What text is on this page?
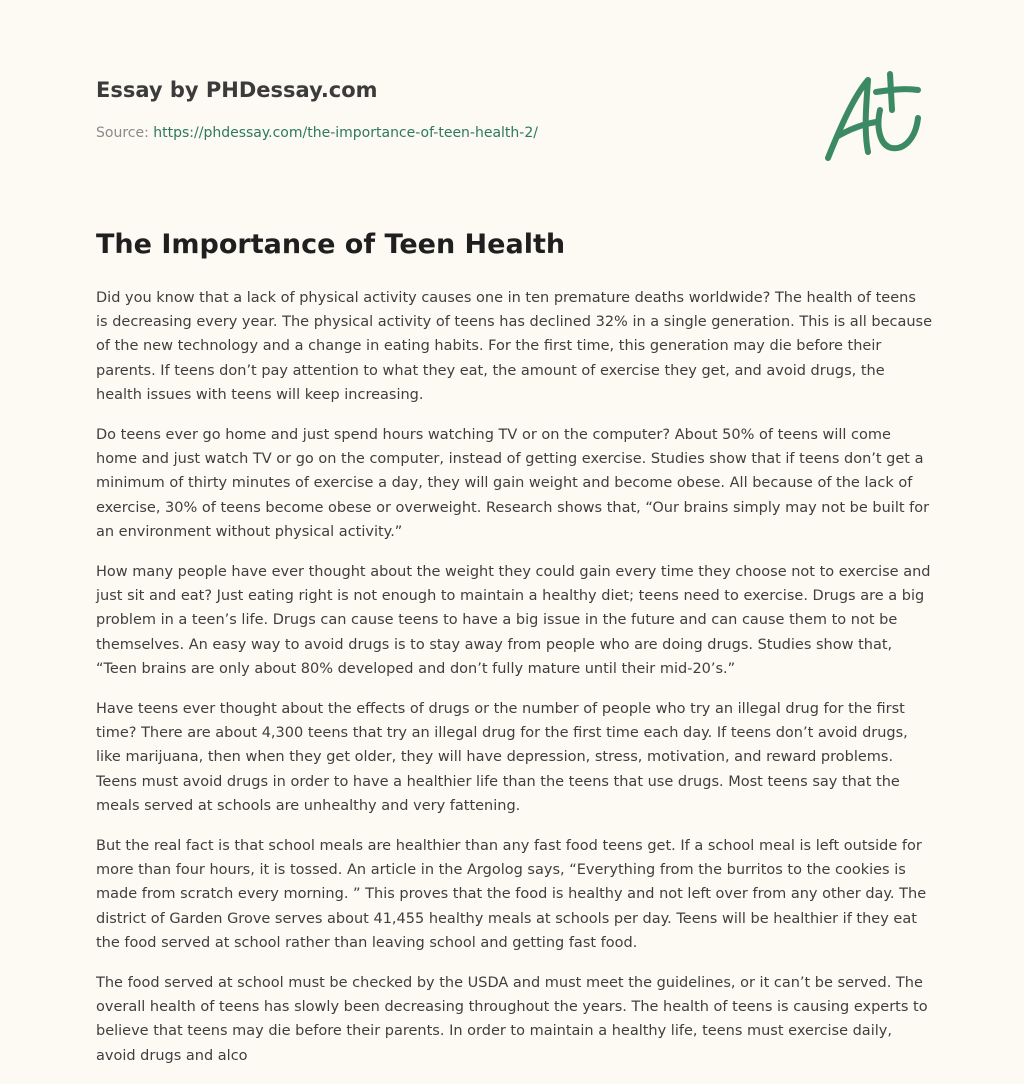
Essay by PHDessay.com
Source: https://phdessay.com/the-importance-of-teen-health-2/
The Importance of Teen Health

Did you know that a lack of physical activity causes one in ten premature deaths worldwide? The health of teens is decreasing every year. The physical activity of teens has declined 32% in a single generation. This is all because of the new technology and a change in eating habits. For the first time, this generation may die before their parents. If teens don’t pay attention to what they eat, the amount of exercise they get, and avoid drugs, the health issues with teens will keep increasing.

Do teens ever go home and just spend hours watching TV or on the computer? About 50% of teens will come home and just watch TV or go on the computer, instead of getting exercise. Studies show that if teens don’t get a minimum of thirty minutes of exercise a day, they will gain weight and become obese. All because of the lack of exercise, 30% of teens become obese or overweight. Research shows that, “Our brains simply may not be built for an environment without physical activity.”

How many people have ever thought about the weight they could gain every time they choose not to exercise and just sit and eat? Just eating right is not enough to maintain a healthy diet; teens need to exercise. Drugs are a big problem in a teen’s life. Drugs can cause teens to have a big issue in the future and can cause them to not be themselves. An easy way to avoid drugs is to stay away from people who are doing drugs. Studies show that, “Teen brains are only about 80% developed and don’t fully mature until their mid-20’s.”

Have teens ever thought about the effects of drugs or the number of people who try an illegal drug for the first time? There are about 4,300 teens that try an illegal drug for the first time each day. If teens don’t avoid drugs, like marijuana, then when they get older, they will have depression, stress, motivation, and reward problems. Teens must avoid drugs in order to have a healthier life than the teens that use drugs. Most teens say that the meals served at schools are unhealthy and very fattening.

But the real fact is that school meals are healthier than any fast food teens get. If a school meal is left outside for more than four hours, it is tossed. An article in the Argolog says, “Everything from the burritos to the cookies is made from scratch every morning. ” This proves that the food is healthy and not left over from any other day. The district of Garden Grove serves about 41,455 healthy meals at schools per day. Teens will be healthier if they eat the food served at school rather than leaving school and getting fast food.

The food served at school must be checked by the USDA and must meet the guidelines, or it can’t be served. The overall health of teens has slowly been decreasing throughout the years. The health of teens is causing experts to believe that teens may die before their parents. In order to maintain a healthy life, teens must exercise daily, avoid drugs and alco
